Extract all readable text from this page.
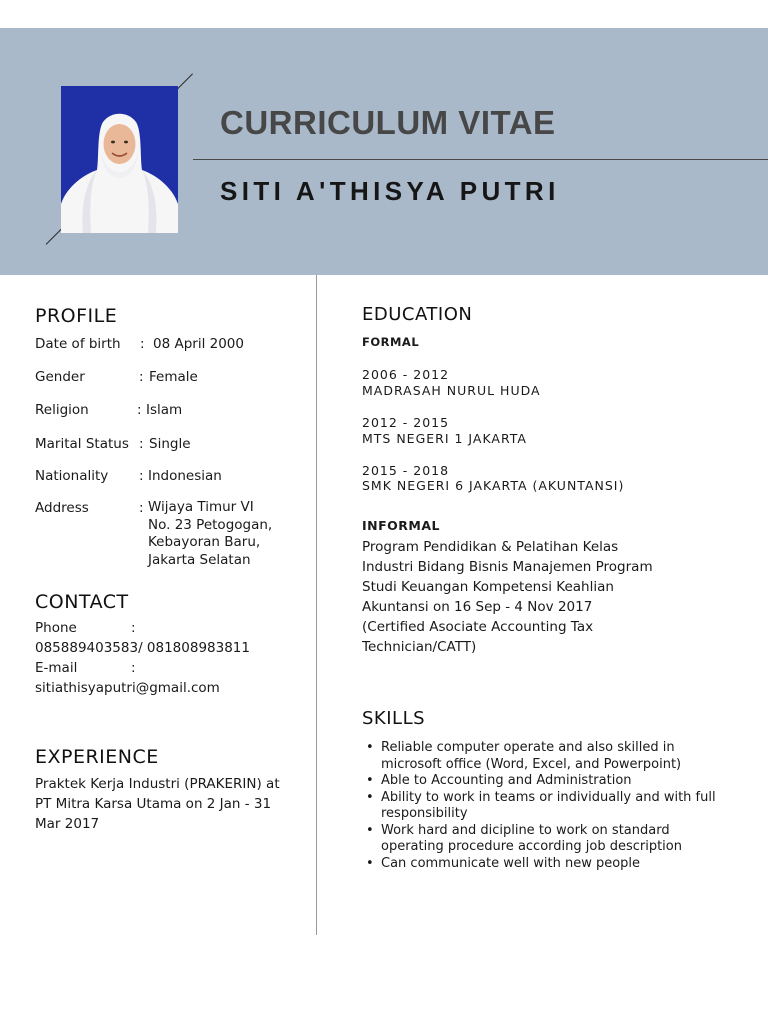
CURRICULUM VITAE
SITI A'THISYA PUTRI
PROFILE
Date of birth : 08 April 2000
Gender	: Female
Religion	: Islam
Marital Status : Single
Nationality : Indonesian
Address	: Wijaya Timur VI
No. 23 Petogogan,
Kebayoran Baru,
Jakarta Selatan
CONTACT
Phone	:
085889403583/ 081808983811
E-mail	:
sitiathisyaputri@gmail.com
EXPERIENCE
Praktek Kerja Industri (PRAKERIN) at
PT Mitra Karsa Utama on 2 Jan - 31
Mar 2017
EDUCATION
FORMAL
2006 - 2012
MADRASAH NURUL HUDA
2012 - 2015
MTS NEGERI 1 JAKARTA
2015 - 2018
SMK NEGERI 6 JAKARTA (AKUNTANSI)
INFORMAL
Program Pendidikan & Pelatihan Kelas
Industri Bidang Bisnis Manajemen Program
Studi Keuangan Kompetensi Keahlian
Akuntansi on 16 Sep - 4 Nov 2017
(Certified Asociate Accounting Tax
Technician/CATT)
SKILLS
• Reliable computer operate and also skilled in
microsoft office (Word, Excel, and Powerpoint)
• Able to Accounting and Administration
• Ability to work in teams or individually and with full
responsibility
• Work hard and dicipline to work on standard
operating procedure according job description
• Can communicate well with new people
